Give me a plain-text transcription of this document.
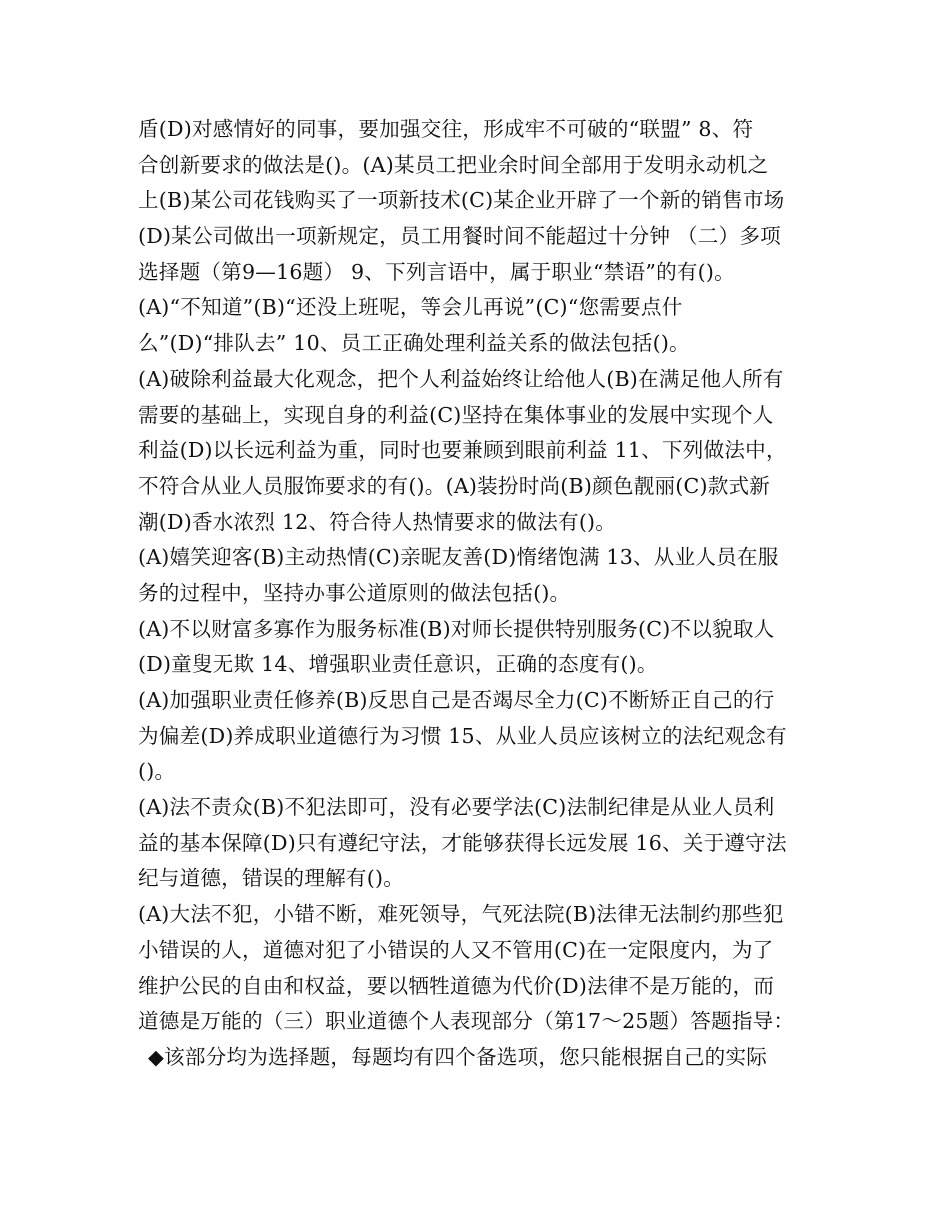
盾(D)对感情好的同事，要加强交往，形成牢不可破的“联盟” 8、符
合创新要求的做法是()。(A)某员工把业余时间全部用于发明永动机之
上(B)某公司花钱购买了一项新技术(C)某企业开辟了一个新的销售市场
(D)某公司做出一项新规定，员工用餐时间不能超过十分钟 （二）多项
选择题（第9—16题） 9、下列言语中，属于职业“禁语”的有()。
(A)“不知道”(B)“还没上班呢，等会儿再说”(C)“您需要点什
么”(D)“排队去” 10、员工正确处理利益关系的做法包括()。
(A)破除利益最大化观念，把个人利益始终让给他人(B)在满足他人所有
需要的基础上，实现自身的利益(C)坚持在集体事业的发展中实现个人
利益(D)以长远利益为重，同时也要兼顾到眼前利益 11、下列做法中，
不符合从业人员服饰要求的有()。(A)装扮时尚(B)颜色靓丽(C)款式新
潮(D)香水浓烈 12、符合待人热情要求的做法有()。
(A)嬉笑迎客(B)主动热情(C)亲昵友善(D)惰绪饱满 13、从业人员在服
务的过程中，坚持办事公道原则的做法包括()。
(A)不以财富多寡作为服务标准(B)对师长提供特别服务(C)不以貌取人
(D)童叟无欺 14、增强职业责任意识，正确的态度有()。
(A)加强职业责任修养(B)反思自己是否竭尽全力(C)不断矫正自己的行
为偏差(D)养成职业道德行为习惯 15、从业人员应该树立的法纪观念有
()。
(A)法不责众(B)不犯法即可，没有必要学法(C)法制纪律是从业人员利
益的基本保障(D)只有遵纪守法，才能够获得长远发展 16、关于遵守法
纪与道德，错误的理解有()。
(A)大法不犯，小错不断，难死领导，气死法院(B)法律无法制约那些犯
小错误的人，道德对犯了小错误的人又不管用(C)在一定限度内，为了
维护公民的自由和权益，要以牺牲道德为代价(D)法律不是万能的，而
道德是万能的（三）职业道德个人表现部分（第17～25题）答题指导：
◆该部分均为选择题，每题均有四个备选项，您只能根据自己的实际
